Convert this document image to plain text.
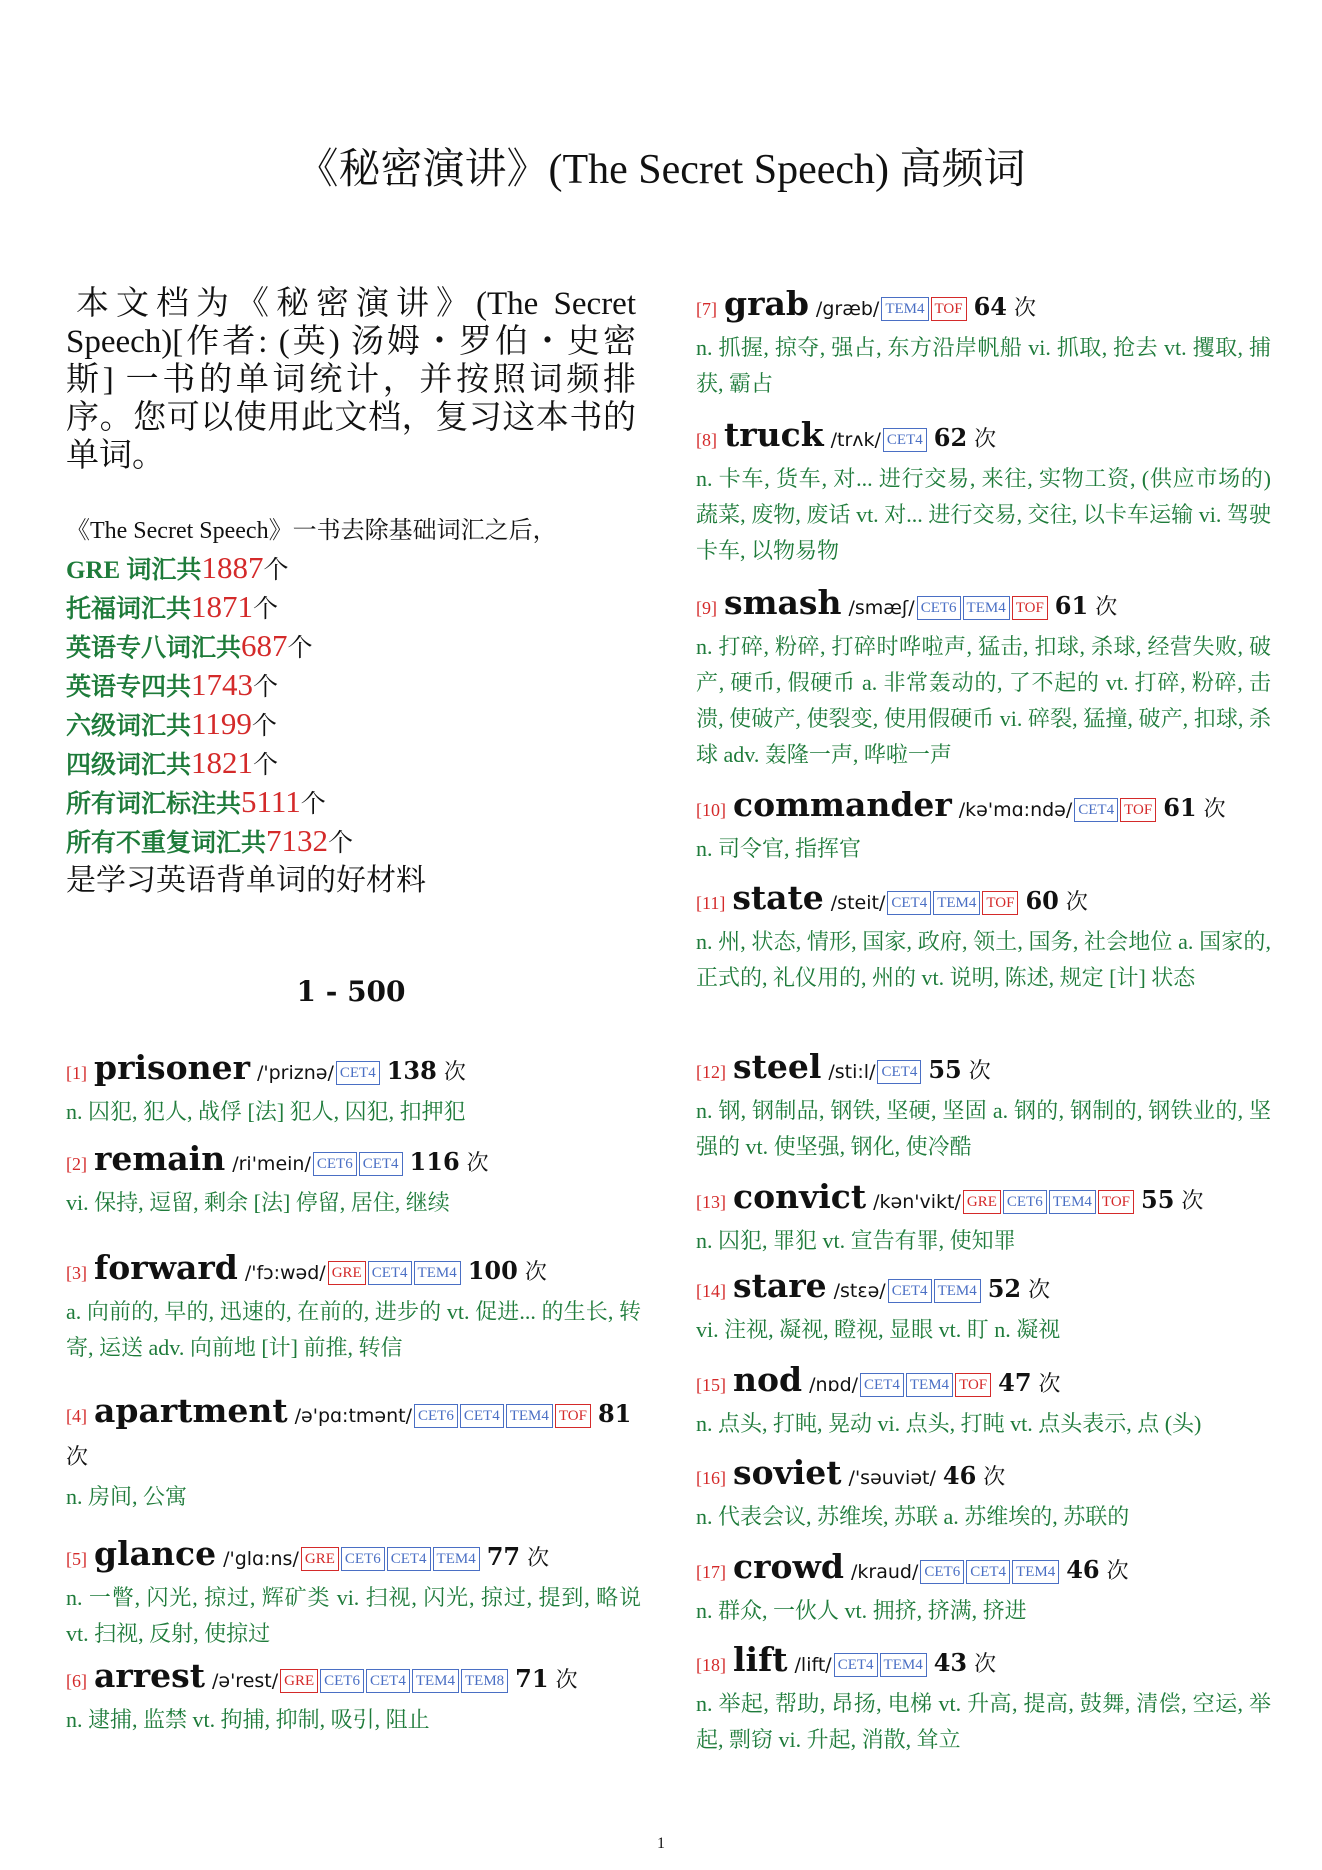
《秘密演讲》(The Secret Speech) 高频词
本文档为《秘密演讲》(The Secret Speech)[作者: (英) 汤姆・罗伯・史密斯] 一书的单词统计，并按照词频排序。您可以使用此文档，复习这本书的单词。
《The Secret Speech》一书去除基础词汇之后，
GRE 词汇共1887个
托福词汇共1871个
英语专八词汇共687个
英语专四共1743个
六级词汇共1199个
四级词汇共1821个
所有词汇标注共5111个
所有不重复词汇共7132个
是学习英语背单词的好材料
1 - 500
[1] prisoner /'priznə/ CET4 138 次
n. 囚犯, 犯人, 战俘 [法] 犯人, 囚犯, 扣押犯
[2] remain /ri'mein/ CET6 CET4 116 次
vi. 保持, 逗留, 剩余 [法] 停留, 居住, 继续
[3] forward /'fɔ:wəd/ GRE CET4 TEM4 100 次
a. 向前的, 早的, 迅速的, 在前的, 进步的 vt. 促进... 的生长, 转寄, 运送 adv. 向前地 [计] 前推, 转信
[4] apartment /ə'pɑ:tmənt/ CET6 CET4 TEM4 TOF 81 次
n. 房间, 公寓
[5] glance /'glɑ:ns/ GRE CET6 CET4 TEM4 77 次
n. 一瞥, 闪光, 掠过, 辉矿类 vi. 扫视, 闪光, 掠过, 提到, 略说 vt. 扫视, 反射, 使掠过
[6] arrest /ə'rest/ GRE CET6 CET4 TEM4 TEM8 71 次
n. 逮捕, 监禁 vt. 拘捕, 抑制, 吸引, 阻止
[7] grab /græb/ TEM4 TOF 64 次
n. 抓握, 掠夺, 强占, 东方沿岸帆船 vi. 抓取, 抢去 vt. 攫取, 捕获, 霸占
[8] truck /trʌk/ CET4 62 次
n. 卡车, 货车, 对... 进行交易, 来往, 实物工资, (供应市场的) 蔬菜, 废物, 废话 vt. 对... 进行交易, 交往, 以卡车运输 vi. 驾驶卡车, 以物易物
[9] smash /smæʃ/ CET6 TEM4 TOF 61 次
n. 打碎, 粉碎, 打碎时哗啦声, 猛击, 扣球, 杀球, 经营失败, 破产, 硬币, 假硬币 a. 非常轰动的, 了不起的 vt. 打碎, 粉碎, 击溃, 使破产, 使裂变, 使用假硬币 vi. 碎裂, 猛撞, 破产, 扣球, 杀球 adv. 轰隆一声, 哗啦一声
[10] commander /kə'mɑ:ndə/ CET4 TOF 61 次
n. 司令官, 指挥官
[11] state /steit/ CET4 TEM4 TOF 60 次
n. 州, 状态, 情形, 国家, 政府, 领土, 国务, 社会地位 a. 国家的, 正式的, 礼仪用的, 州的 vt. 说明, 陈述, 规定 [计] 状态
[12] steel /sti:l/ CET4 55 次
n. 钢, 钢制品, 钢铁, 坚硬, 坚固 a. 钢的, 钢制的, 钢铁业的, 坚强的 vt. 使坚强, 钢化, 使冷酷
[13] convict /kən'vikt/ GRE CET6 TEM4 TOF 55 次
n. 囚犯, 罪犯 vt. 宣告有罪, 使知罪
[14] stare /stɛə/ CET4 TEM4 52 次
vi. 注视, 凝视, 瞪视, 显眼 vt. 盯 n. 凝视
[15] nod /nɒd/ CET4 TEM4 TOF 47 次
n. 点头, 打盹, 晃动 vi. 点头, 打盹 vt. 点头表示, 点 (头)
[16] soviet /'səuviət/ 46 次
n. 代表会议, 苏维埃, 苏联 a. 苏维埃的, 苏联的
[17] crowd /kraud/ CET6 CET4 TEM4 46 次
n. 群众, 一伙人 vt. 拥挤, 挤满, 挤进
[18] lift /lift/ CET4 TEM4 43 次
n. 举起, 帮助, 昂扬, 电梯 vt. 升高, 提高, 鼓舞, 清偿, 空运, 举起, 剽窃 vi. 升起, 消散, 耸立
1
